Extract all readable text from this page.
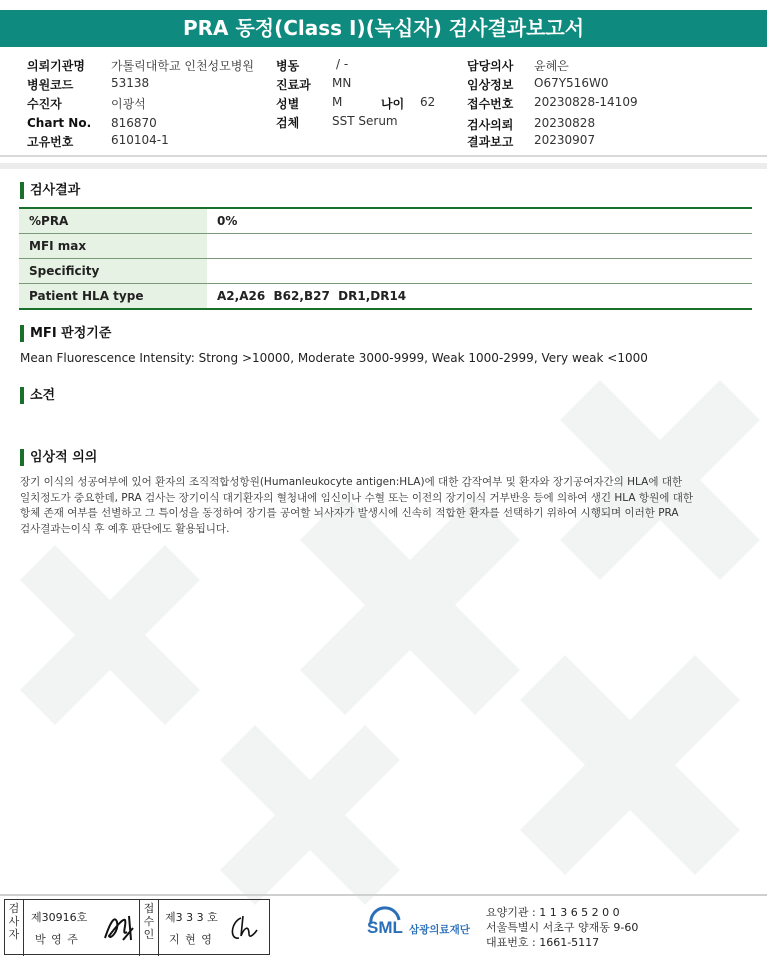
PRA 동정(Class I)(녹십자) 검사결과보고서
의뢰기관명 가톨릭대학교 인천성모병원
병원코드	53138
수진자	이광석
Chart No. 816870
고유번호	610104-1
병동	/ -
진료과 MN
성별	M	나이 62
검체	SST Serum
담당의사 윤혜은
임상정보 O67Y516W0
접수번호 20230828-14109
검사의뢰 20230828
결과보고 20230907
검사결과
%PRA	0%
MFI max	
Specificity	
Patient HLA type	A2,A26  B62,B27  DR1,DR14
MFI 판정기준
Mean Fluorescence Intensity: Strong >10000, Moderate 3000-9999, Weak 1000-2999, Very weak <1000
소견
임상적 의의
장기 이식의 성공여부에 있어 환자의 조직적합성항원(Humanleukocyte antigen:HLA)에 대한 감작여부 및 환자와 장기공여자간의 HLA에 대한
일치정도가 중요한데, PRA 검사는 장기이식 대기환자의 혈청내에 임신이나 수혈 또는 이전의 장기이식 거부반응 등에 의하여 생긴 HLA 항원에 대한
항체 존재 여부를 선별하고 그 특이성을 동정하여 장기를 공여할 뇌사자가 발생시에 신속히 적합한 환자를 선택하기 위하여 시행되며 이러한 PRA
검사결과는이식 후 예후 판단에도 활용됩니다.
검사자
제30916호
박 영 주
접수인
제3 3 3 호
지 현 영
SML 삼광의료재단
요양기관 : 1 1 3 6 5 2 0 0
서울특별시 서초구 양재동 9-60
대표번호 : 1661-5117
